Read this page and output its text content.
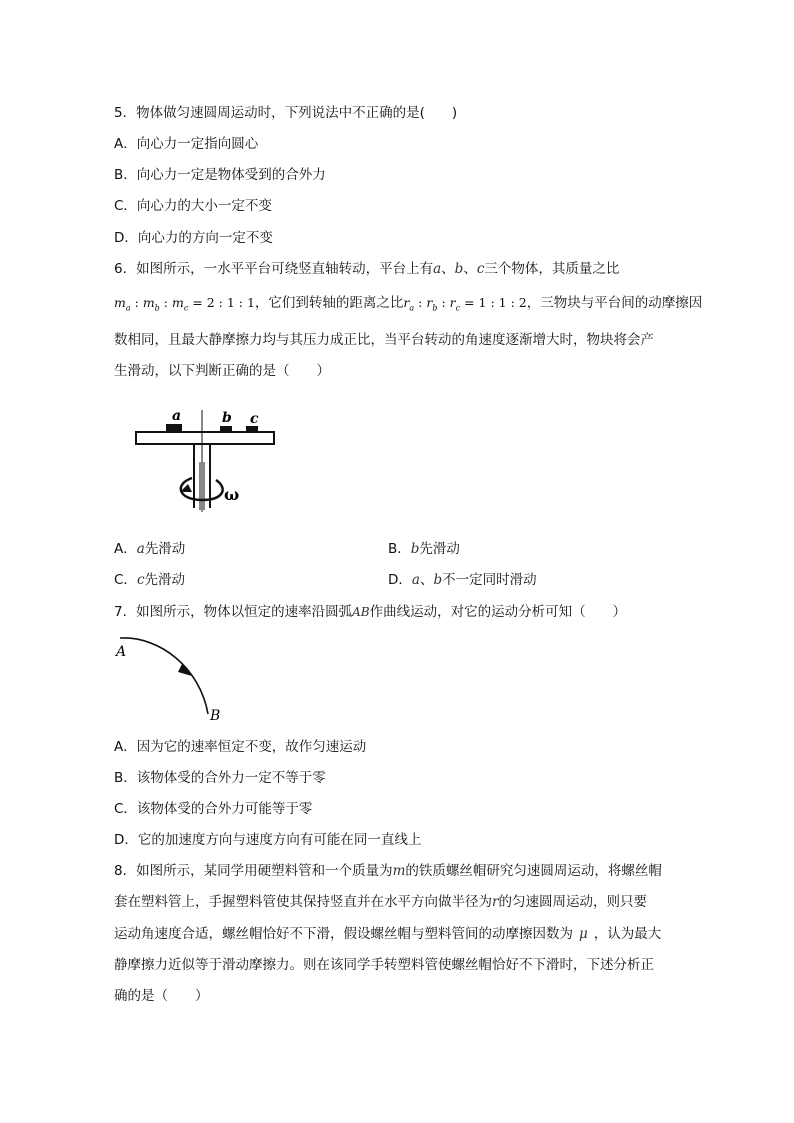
5．物体做匀速圆周运动时，下列说法中不正确的是(　　)
A．向心力一定指向圆心
B．向心力一定是物体受到的合外力
C．向心力的大小一定不变
D．向心力的方向一定不变
6．如图所示，一水平平台可绕竖直轴转动，平台上有a、b、c三个物体，其质量之比
$m_a$ : $m_b$ : $m_c = 2$ : 1 : 1，它们到转轴的距离之比$r_a$ : $r_b$ : $r_c = 1$ : 1 : 2，三物块与平台间的动摩擦因
数相同，且最大静摩擦力均与其压力成正比，当平台转动的角速度逐渐增大时，物块将会产
生滑动，以下判断正确的是（　　）
a	b c
ω
A．a先滑动	B．b先滑动
C．c先滑动	D．a、b不一定同时滑动
7．如图所示，物体以恒定的速率沿圆弧AB作曲线运动，对它的运动分析可知（　　）
A
B
A．因为它的速率恒定不变，故作匀速运动
B．该物体受的合外力一定不等于零
C．该物体受的合外力可能等于零
D．它的加速度方向与速度方向有可能在同一直线上
8．如图所示，某同学用硬塑料管和一个质量为m的铁质螺丝帽研究匀速圆周运动，将螺丝帽
套在塑料管上，手握塑料管使其保持竖直并在水平方向做半径为r的匀速圆周运动，则只要
运动角速度合适，螺丝帽恰好不下滑，假设螺丝帽与塑料管间的动摩擦因数为 μ ，认为最大
静摩擦力近似等于滑动摩擦力。则在该同学手转塑料管使螺丝帽恰好不下滑时，下述分析正
确的是（　　）
